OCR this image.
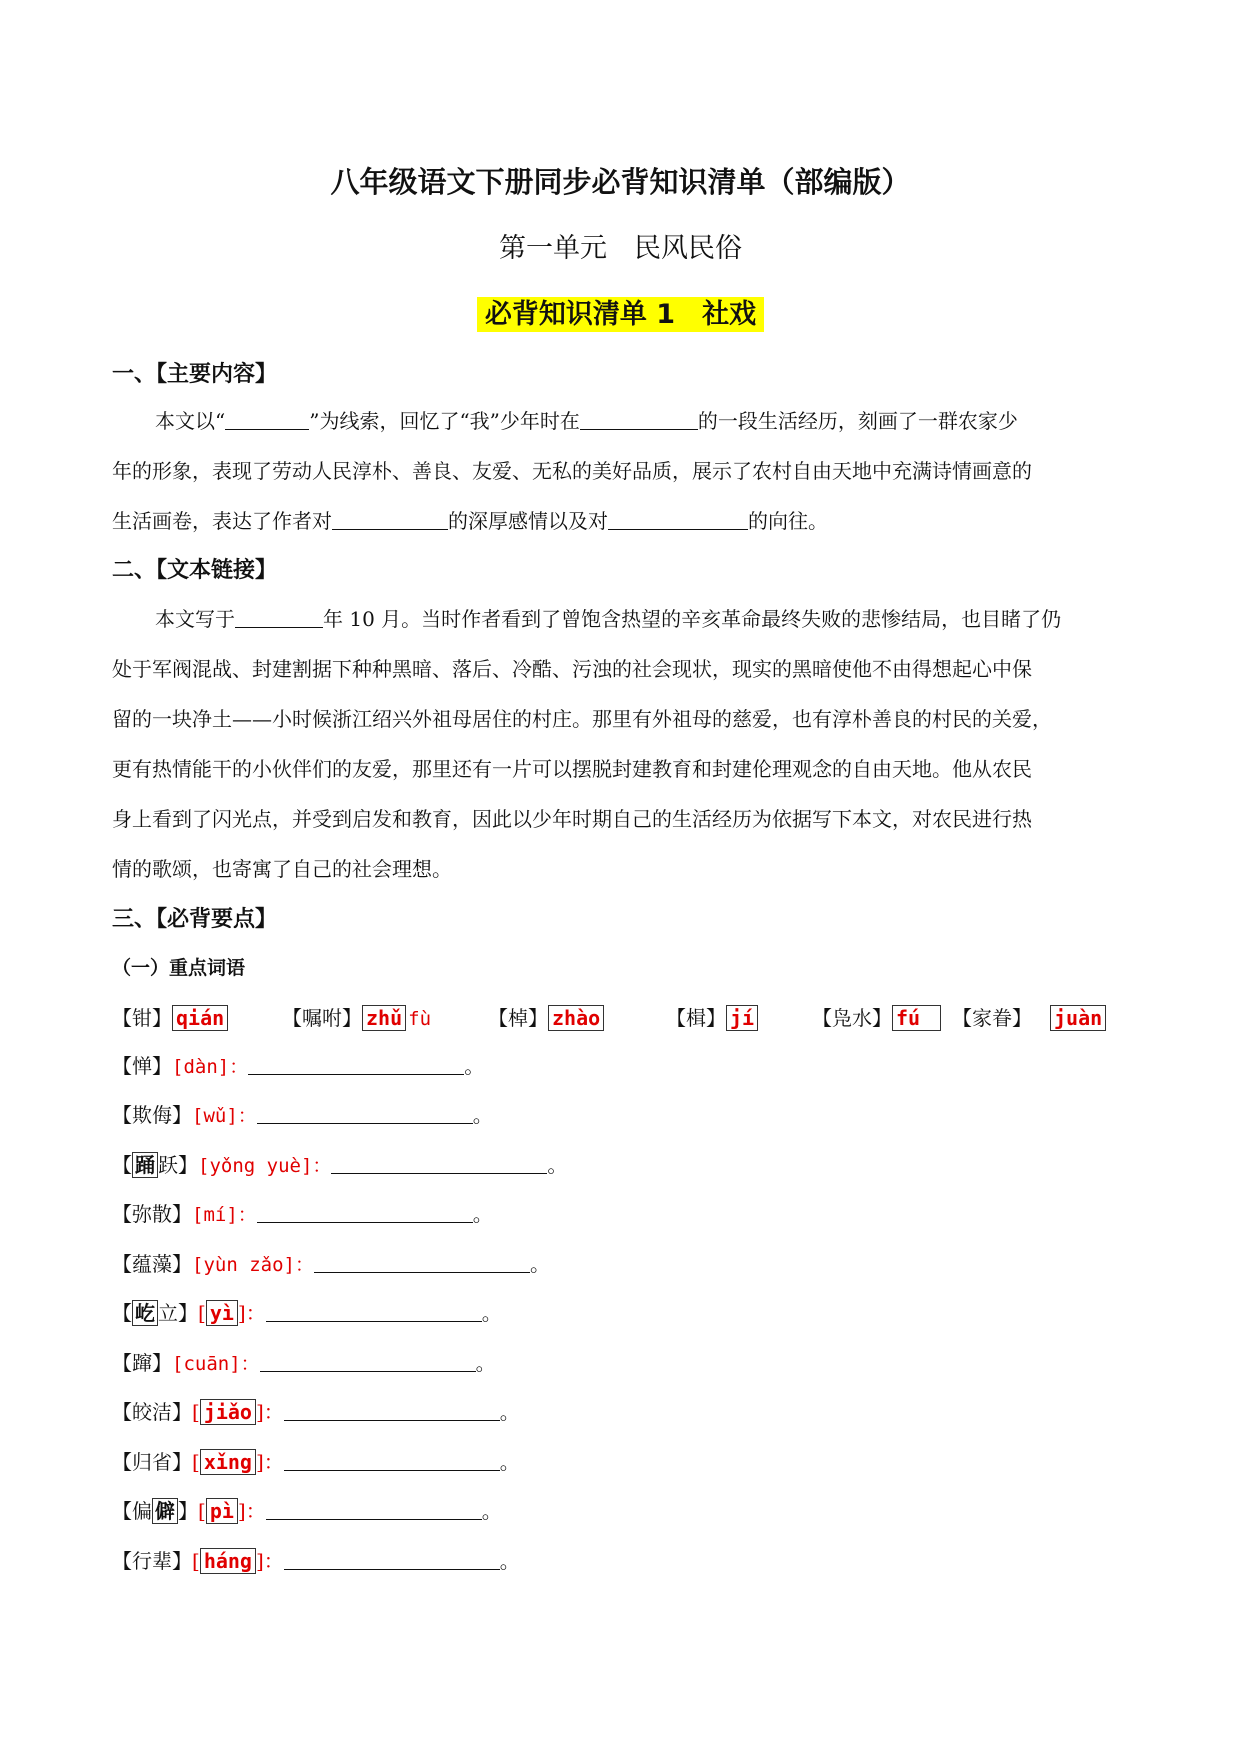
八年级语文下册同步必背知识清单（部编版）
第一单元　民风民俗
必背知识清单 1　社戏
一、【主要内容】
本文以“	”为线索，回忆了“我”少年时在	的一段生活经历，刻画了一群农家少
年的形象，表现了劳动人民淳朴、善良、友爱、无私的美好品质，展示了农村自由天地中充满诗情画意的
生活画卷，表达了作者对	的深厚感情以及对	的向往。
二、【文本链接】
本文写于	年 10 月。当时作者看到了曾饱含热望的辛亥革命最终失败的悲惨结局，也目睹了仍
处于军阀混战、封建割据下种种黑暗、落后、冷酷、污浊的社会现状，现实的黑暗使他不由得想起心中保
留的一块净土——小时候浙江绍兴外祖母居住的村庄。那里有外祖母的慈爱，也有淳朴善良的村民的关爱，
更有热情能干的小伙伴们的友爱，那里还有一片可以摆脱封建教育和封建伦理观念的自由天地。他从农民
身上看到了闪光点，并受到启发和教育，因此以少年时期自己的生活经历为依据写下本文，对农民进行热
情的歌颂，也寄寓了自己的社会理想。
三、【必背要点】
（一）重点词语
【钳】 qián	【嘱咐】 zhǔ fù	【棹】 zhào	【楫】 jí	【凫水】 fú	【家眷】 juàn
【惮】[dàn]：	。
【欺侮】[wǔ]：	。
【 踊 跃】[yǒng yuè]：	。
【弥散】[mí]：	。
【蕴藻】[yùn zǎo]：	。
【 屹 立】[ yì ]：	。
【蹿】[cuān]：	。
【皎洁】[ jiǎo ]：	。
【归省】[ xǐng ]：	。
【偏 僻 】[ pì ]：	。
【行辈】[ háng ]：	。
